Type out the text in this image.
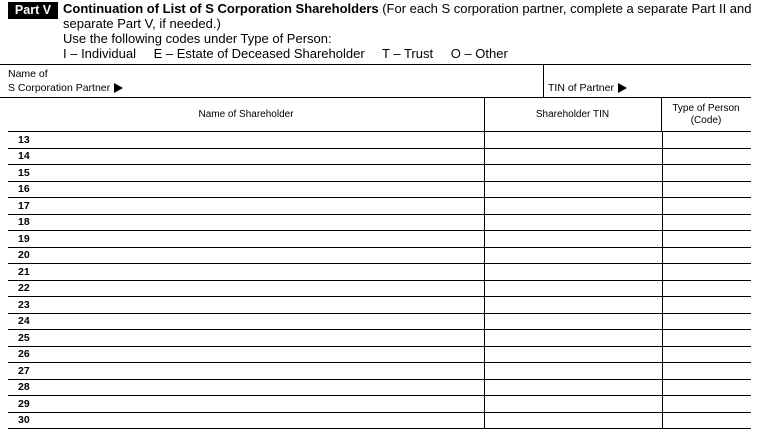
Part V Continuation of List of S Corporation Shareholders (For each S corporation partner, complete a separate Part II and separate Part V, if needed.)
Use the following codes under Type of Person:
I – Individual E – Estate of Deceased Shareholder T – Trust O – Other
Name of
S Corporation Partner	TIN of Partner
Name of Shareholder	Shareholder TIN
Type of Person
(Code)
13		
14		
15		
16		
17		
18		
19		
20		
21		
22		
23		
24		
25		
26		
27		
28		
29		
30		
